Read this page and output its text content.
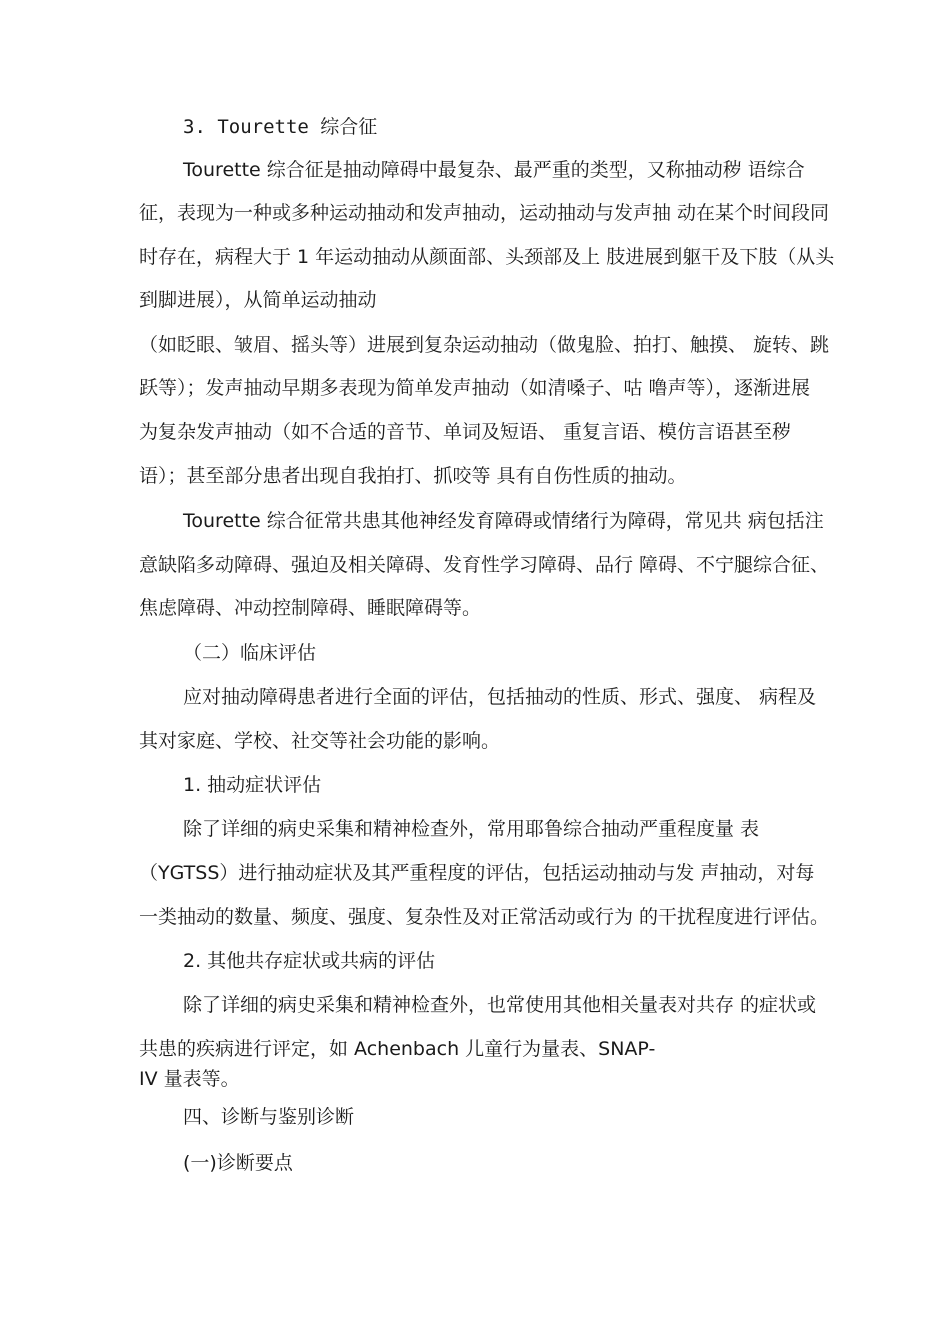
3. Tourette 综合征

Tourette 综合征是抽动障碍中最复杂、最严重的类型，又称抽动秽 语综合

征，表现为一种或多种运动抽动和发声抽动，运动抽动与发声抽 动在某个时间段同

时存在，病程大于 1 年运动抽动从颜面部、头颈部及上 肢进展到躯干及下肢（从头

到脚进展），从简单运动抽动

（如眨眼、皱眉、摇头等）进展到复杂运动抽动（做鬼脸、拍打、触摸、 旋转、跳

跃等）；发声抽动早期多表现为简单发声抽动（如清嗓子、咕 噜声等），逐渐进展

为复杂发声抽动（如不合适的音节、单词及短语、 重复言语、模仿言语甚至秽

语）；甚至部分患者出现自我拍打、抓咬等 具有自伤性质的抽动。

Tourette 综合征常共患其他神经发育障碍或情绪行为障碍，常见共 病包括注

意缺陷多动障碍、强迫及相关障碍、发育性学习障碍、品行 障碍、不宁腿综合征、

焦虑障碍、冲动控制障碍、睡眠障碍等。

（二）临床评估

应对抽动障碍患者进行全面的评估，包括抽动的性质、形式、强度、 病程及

其对家庭、学校、社交等社会功能的影响。

1. 抽动症状评估

除了详细的病史采集和精神检查外，常用耶鲁综合抽动严重程度量 表

（YGTSS）进行抽动症状及其严重程度的评估，包括运动抽动与发 声抽动，对每

一类抽动的数量、频度、强度、复杂性及对正常活动或行为 的干扰程度进行评估。

2. 其他共存症状或共病的评估

除了详细的病史采集和精神检查外，也常使用其他相关量表对共存 的症状或

共患的疾病进行评定，如 Achenbach 儿童行为量表、SNAP-

IV 量表等。

四、诊断与鉴别诊断

(一)诊断要点
